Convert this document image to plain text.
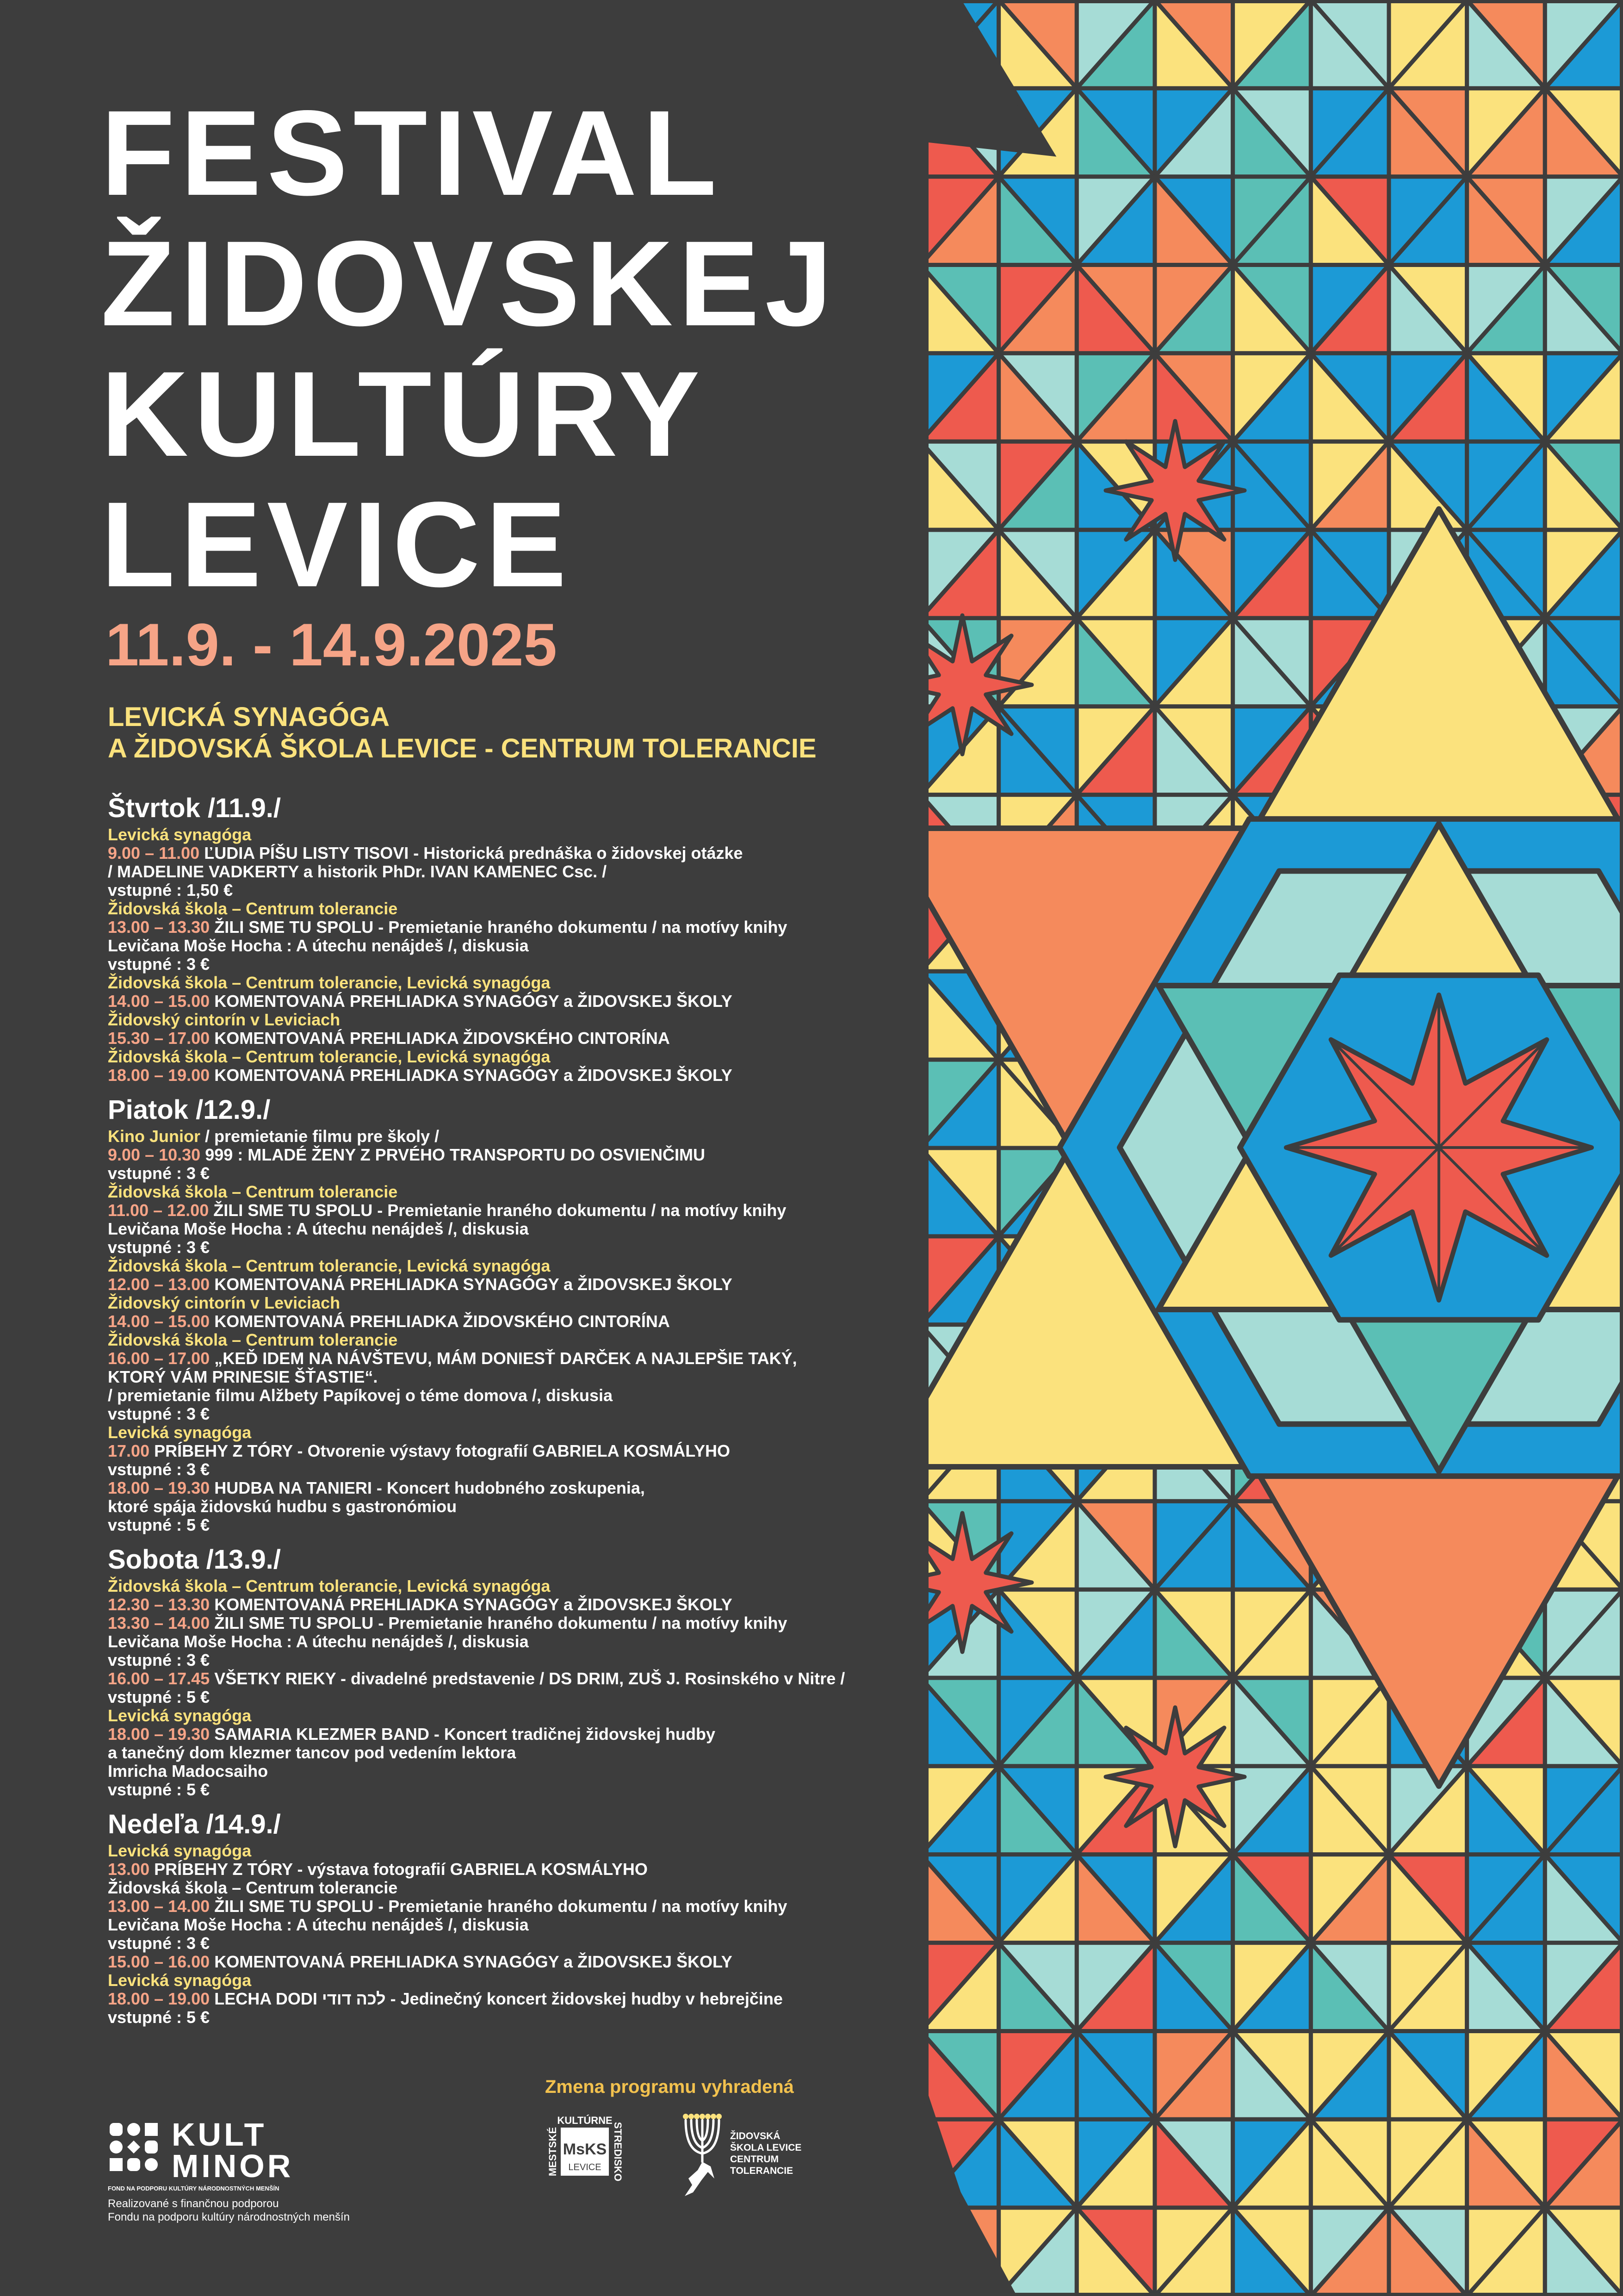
FESTIVAL
ŽIDOVSKEJ
KULTÚRY
LEVICE
11.9. - 14.9.2025
LEVICKÁ SYNAGÓGA
A ŽIDOVSKÁ ŠKOLA LEVICE - CENTRUM TOLERANCIE
Štvrtok /11.9./
Levická synagóga
9.00 – 11.00 ĽUDIA PÍŠU LISTY TISOVI - Historická prednáška o židovskej otázke
/ MADELINE VADKERTY a historik PhDr. IVAN KAMENEC Csc. /
vstupné : 1,50 €
Židovská škola – Centrum tolerancie
13.00 – 13.30 ŽILI SME TU SPOLU - Premietanie hraného dokumentu / na motívy knihy
Levičana Moše Hocha : A útechu nenájdeš /, diskusia
vstupné : 3 €
Židovská škola – Centrum tolerancie, Levická synagóga
14.00 – 15.00 KOMENTOVANÁ PREHLIADKA SYNAGÓGY a ŽIDOVSKEJ ŠKOLY
Židovský cintorín v Leviciach
15.30 – 17.00 KOMENTOVANÁ PREHLIADKA ŽIDOVSKÉHO CINTORÍNA
Židovská škola – Centrum tolerancie, Levická synagóga
18.00 – 19.00 KOMENTOVANÁ PREHLIADKA SYNAGÓGY a ŽIDOVSKEJ ŠKOLY
Piatok /12.9./
Kino Junior / premietanie filmu pre školy /
9.00 – 10.30 999 : MLADÉ ŽENY Z PRVÉHO TRANSPORTU DO OSVIENČIMU
vstupné : 3 €
Židovská škola – Centrum tolerancie
11.00 – 12.00 ŽILI SME TU SPOLU - Premietanie hraného dokumentu / na motívy knihy
Levičana Moše Hocha : A útechu nenájdeš /, diskusia
vstupné : 3 €
Židovská škola – Centrum tolerancie, Levická synagóga
12.00 – 13.00 KOMENTOVANÁ PREHLIADKA SYNAGÓGY a ŽIDOVSKEJ ŠKOLY
Židovský cintorín v Leviciach
14.00 – 15.00 KOMENTOVANÁ PREHLIADKA ŽIDOVSKÉHO CINTORÍNA
Židovská škola – Centrum tolerancie
16.00 – 17.00 „KEĎ IDEM NA NÁVŠTEVU, MÁM DONIESŤ DARČEK A NAJLEPŠIE TAKÝ,
KTORÝ VÁM PRINESIE ŠŤASTIE“.
/ premietanie filmu Alžbety Papíkovej o téme domova /, diskusia
vstupné : 3 €
Levická synagóga
17.00 PRÍBEHY Z TÓRY - Otvorenie výstavy fotografií GABRIELA KOSMÁLYHO
vstupné : 3 €
18.00 – 19.30 HUDBA NA TANIERI - Koncert hudobného zoskupenia,
ktoré spája židovskú hudbu s gastronómiou
vstupné : 5 €
Sobota /13.9./
Židovská škola – Centrum tolerancie, Levická synagóga
12.30 – 13.30 KOMENTOVANÁ PREHLIADKA SYNAGÓGY a ŽIDOVSKEJ ŠKOLY
13.30 – 14.00 ŽILI SME TU SPOLU - Premietanie hraného dokumentu / na motívy knihy
Levičana Moše Hocha : A útechu nenájdeš /, diskusia
vstupné : 3 €
16.00 – 17.45 VŠETKY RIEKY - divadelné predstavenie / DS DRIM, ZUŠ J. Rosinského v Nitre /
vstupné : 5 €
Levická synagóga
18.00 – 19.30 SAMARIA KLEZMER BAND - Koncert tradičnej židovskej hudby
a tanečný dom klezmer tancov pod vedením lektora
Imricha Madocsaiho
vstupné : 5 €
Nedeľa /14.9./
Levická synagóga
13.00 PRÍBEHY Z TÓRY - výstava fotografií GABRIELA KOSMÁLYHO
Židovská škola – Centrum tolerancie
13.00 – 14.00 ŽILI SME TU SPOLU - Premietanie hraného dokumentu / na motívy knihy
Levičana Moše Hocha : A útechu nenájdeš /, diskusia
vstupné : 3 €
15.00 – 16.00 KOMENTOVANÁ PREHLIADKA SYNAGÓGY a ŽIDOVSKEJ ŠKOLY
Levická synagóga
18.00 – 19.00 LECHA DODI לכה דודי - Jedinečný koncert židovskej hudby v hebrejčine
vstupné : 5 €
Zmena programu vyhradená
KULT
MINOR
FOND NA PODPORU KULTÚRY NÁRODNOSTNÝCH MENŠÍN
Realizované s finančnou podporou
Fondu na podporu kultúry národnostných menšín
KULTÚRNE
MESTSKÉ	STREDISKO
MsKS
LEVICE
ŽIDOVSKÁ
ŠKOLA LEVICE
CENTRUM
TOLERANCIE
